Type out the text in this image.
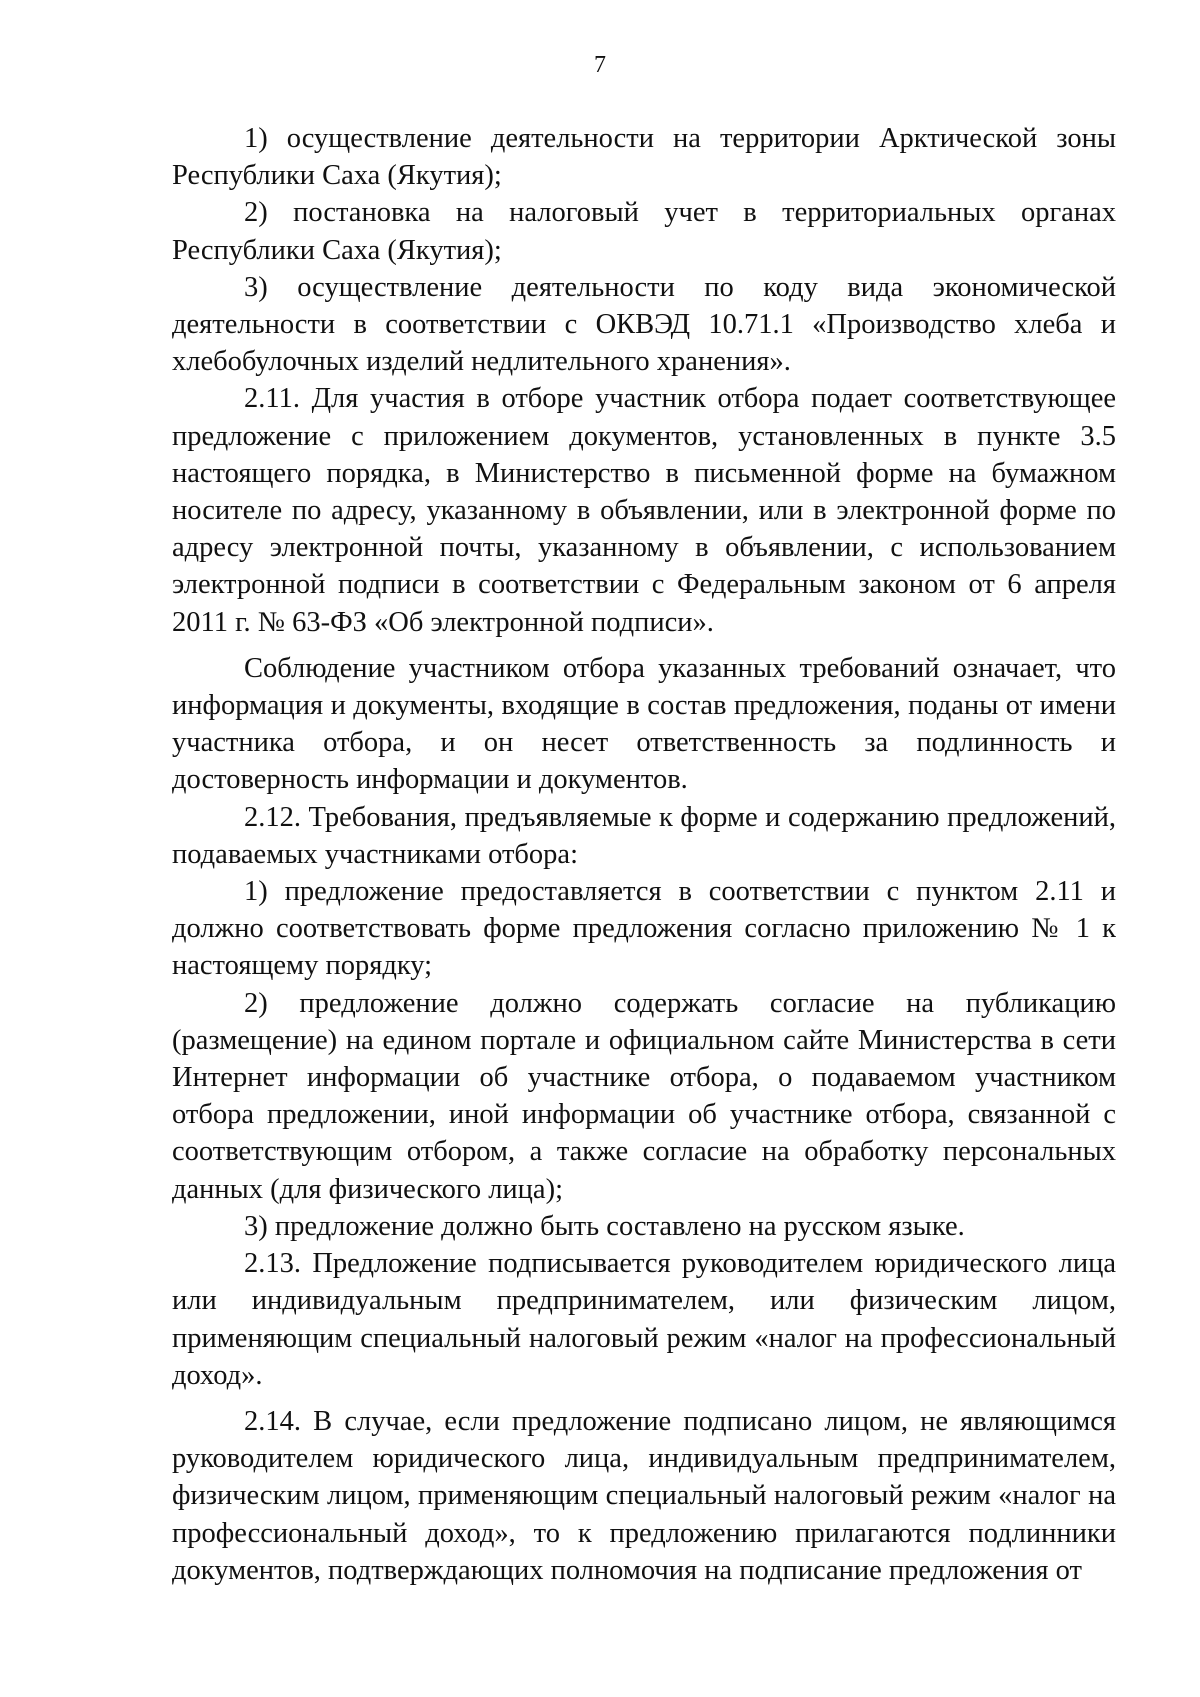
7

1) осуществление деятельности на территории Арктической зоны Республики Саха (Якутия);

2) постановка на налоговый учет в территориальных органах Республики Саха (Якутия);

3) осуществление деятельности по коду вида экономической деятельности в соответствии с ОКВЭД 10.71.1 «Производство хлеба и хлебобулочных изделий недлительного хранения».

2.11. Для участия в отборе участник отбора подает соответствующее предложение с приложением документов, установленных в пункте 3.5 настоящего порядка, в Министерство в письменной форме на бумажном носителе по адресу, указанному в объявлении, или в электронной форме по адресу электронной почты, указанному в объявлении, с использованием электронной подписи в соответствии с Федеральным законом от 6 апреля 2011 г. № 63-ФЗ «Об электронной подписи».

Соблюдение участником отбора указанных требований означает, что информация и документы, входящие в состав предложения, поданы от имени участника отбора, и он несет ответственность за подлинность и достоверность информации и документов.

2.12. Требования, предъявляемые к форме и содержанию предложений, подаваемых участниками отбора:

1) предложение предоставляется в соответствии с пунктом 2.11 и должно соответствовать форме предложения согласно приложению № 1 к настоящему порядку;

2) предложение должно содержать согласие на публикацию (размещение) на едином портале и официальном сайте Министерства в сети Интернет информации об участнике отбора, о подаваемом участником отбора предложении, иной информации об участнике отбора, связанной с соответствующим отбором, а также согласие на обработку персональных данных (для физического лица);

3) предложение должно быть составлено на русском языке.

2.13. Предложение подписывается руководителем юридического лица или индивидуальным предпринимателем, или физическим лицом, применяющим специальный налоговый режим «налог на профессиональный доход».

2.14. В случае, если предложение подписано лицом, не являющимся руководителем юридического лица, индивидуальным предпринимателем, физическим лицом, применяющим специальный налоговый режим «налог на профессиональный доход», то к предложению прилагаются подлинники документов, подтверждающих полномочия на подписание предложения от
